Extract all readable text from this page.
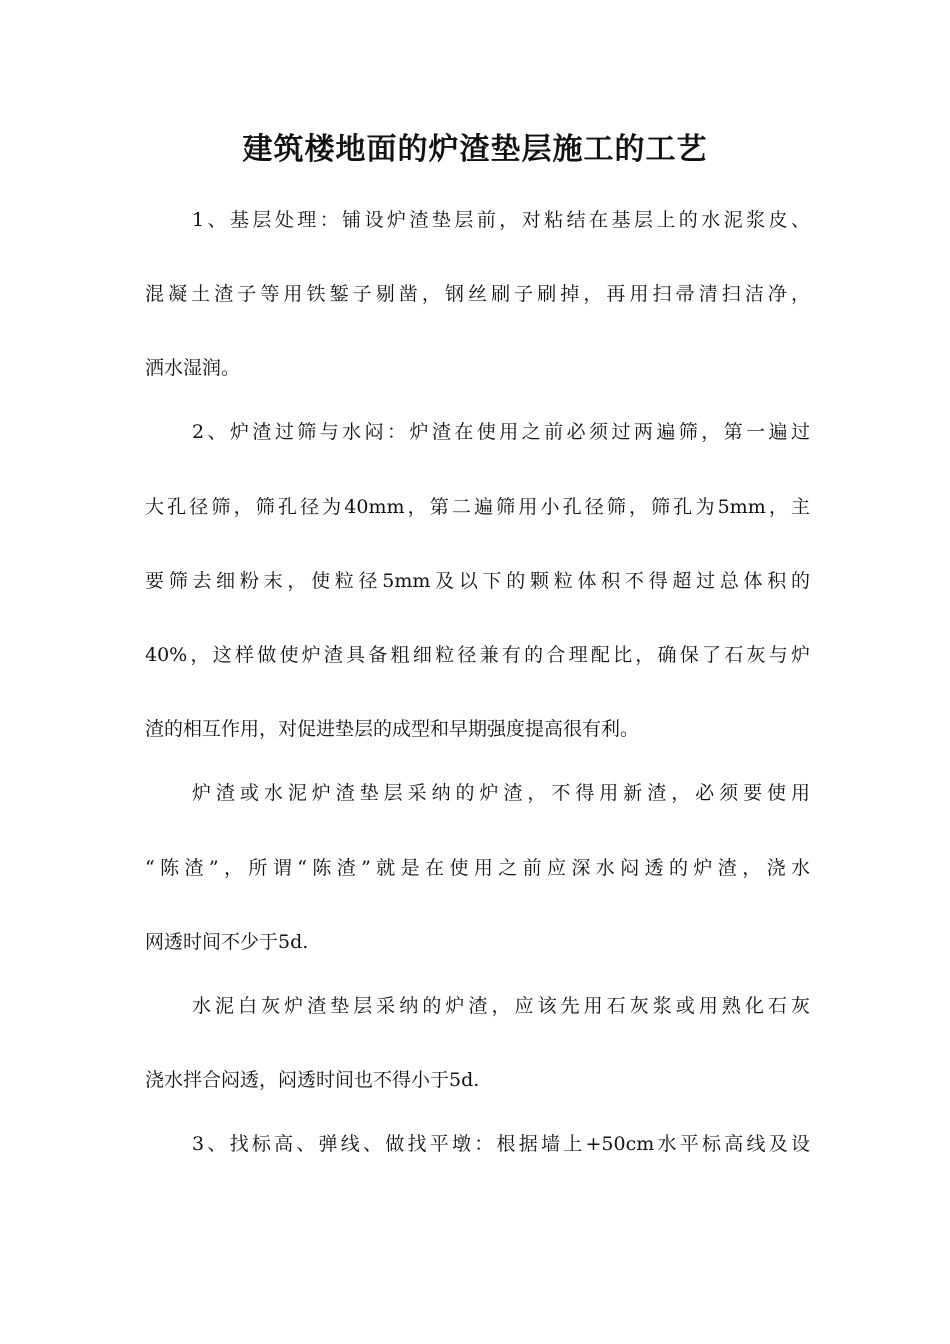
建筑楼地面的炉渣垫层施工的工艺

1、基层处理：铺设炉渣垫层前，对粘结在基层上的水泥浆皮、

混凝土渣子等用铁錾子剔凿，钢丝刷子刷掉，再用扫帚清扫洁净，

洒水湿润。

2、炉渣过筛与水闷：炉渣在使用之前必须过两遍筛，第一遍过

大孔径筛，筛孔径为40mm，第二遍筛用小孔径筛，筛孔为5mm，主

要筛去细粉末，使粒径5mm及以下的颗粒体积不得超过总体积的

40%，这样做使炉渣具备粗细粒径兼有的合理配比，确保了石灰与炉

渣的相互作用，对促进垫层的成型和早期强度提高很有利。

炉渣或水泥炉渣垫层采纳的炉渣，不得用新渣，必须要使用

“陈渣”，所谓“陈渣”就是在使用之前应深水闷透的炉渣，浇水

网透时间不少于5d.

水泥白灰炉渣垫层采纳的炉渣，应该先用石灰浆或用熟化石灰

浇水拌合闷透，闷透时间也不得小于5d.

3、找标高、弹线、做找平墩：根据墙上+50cm水平标高线及设
